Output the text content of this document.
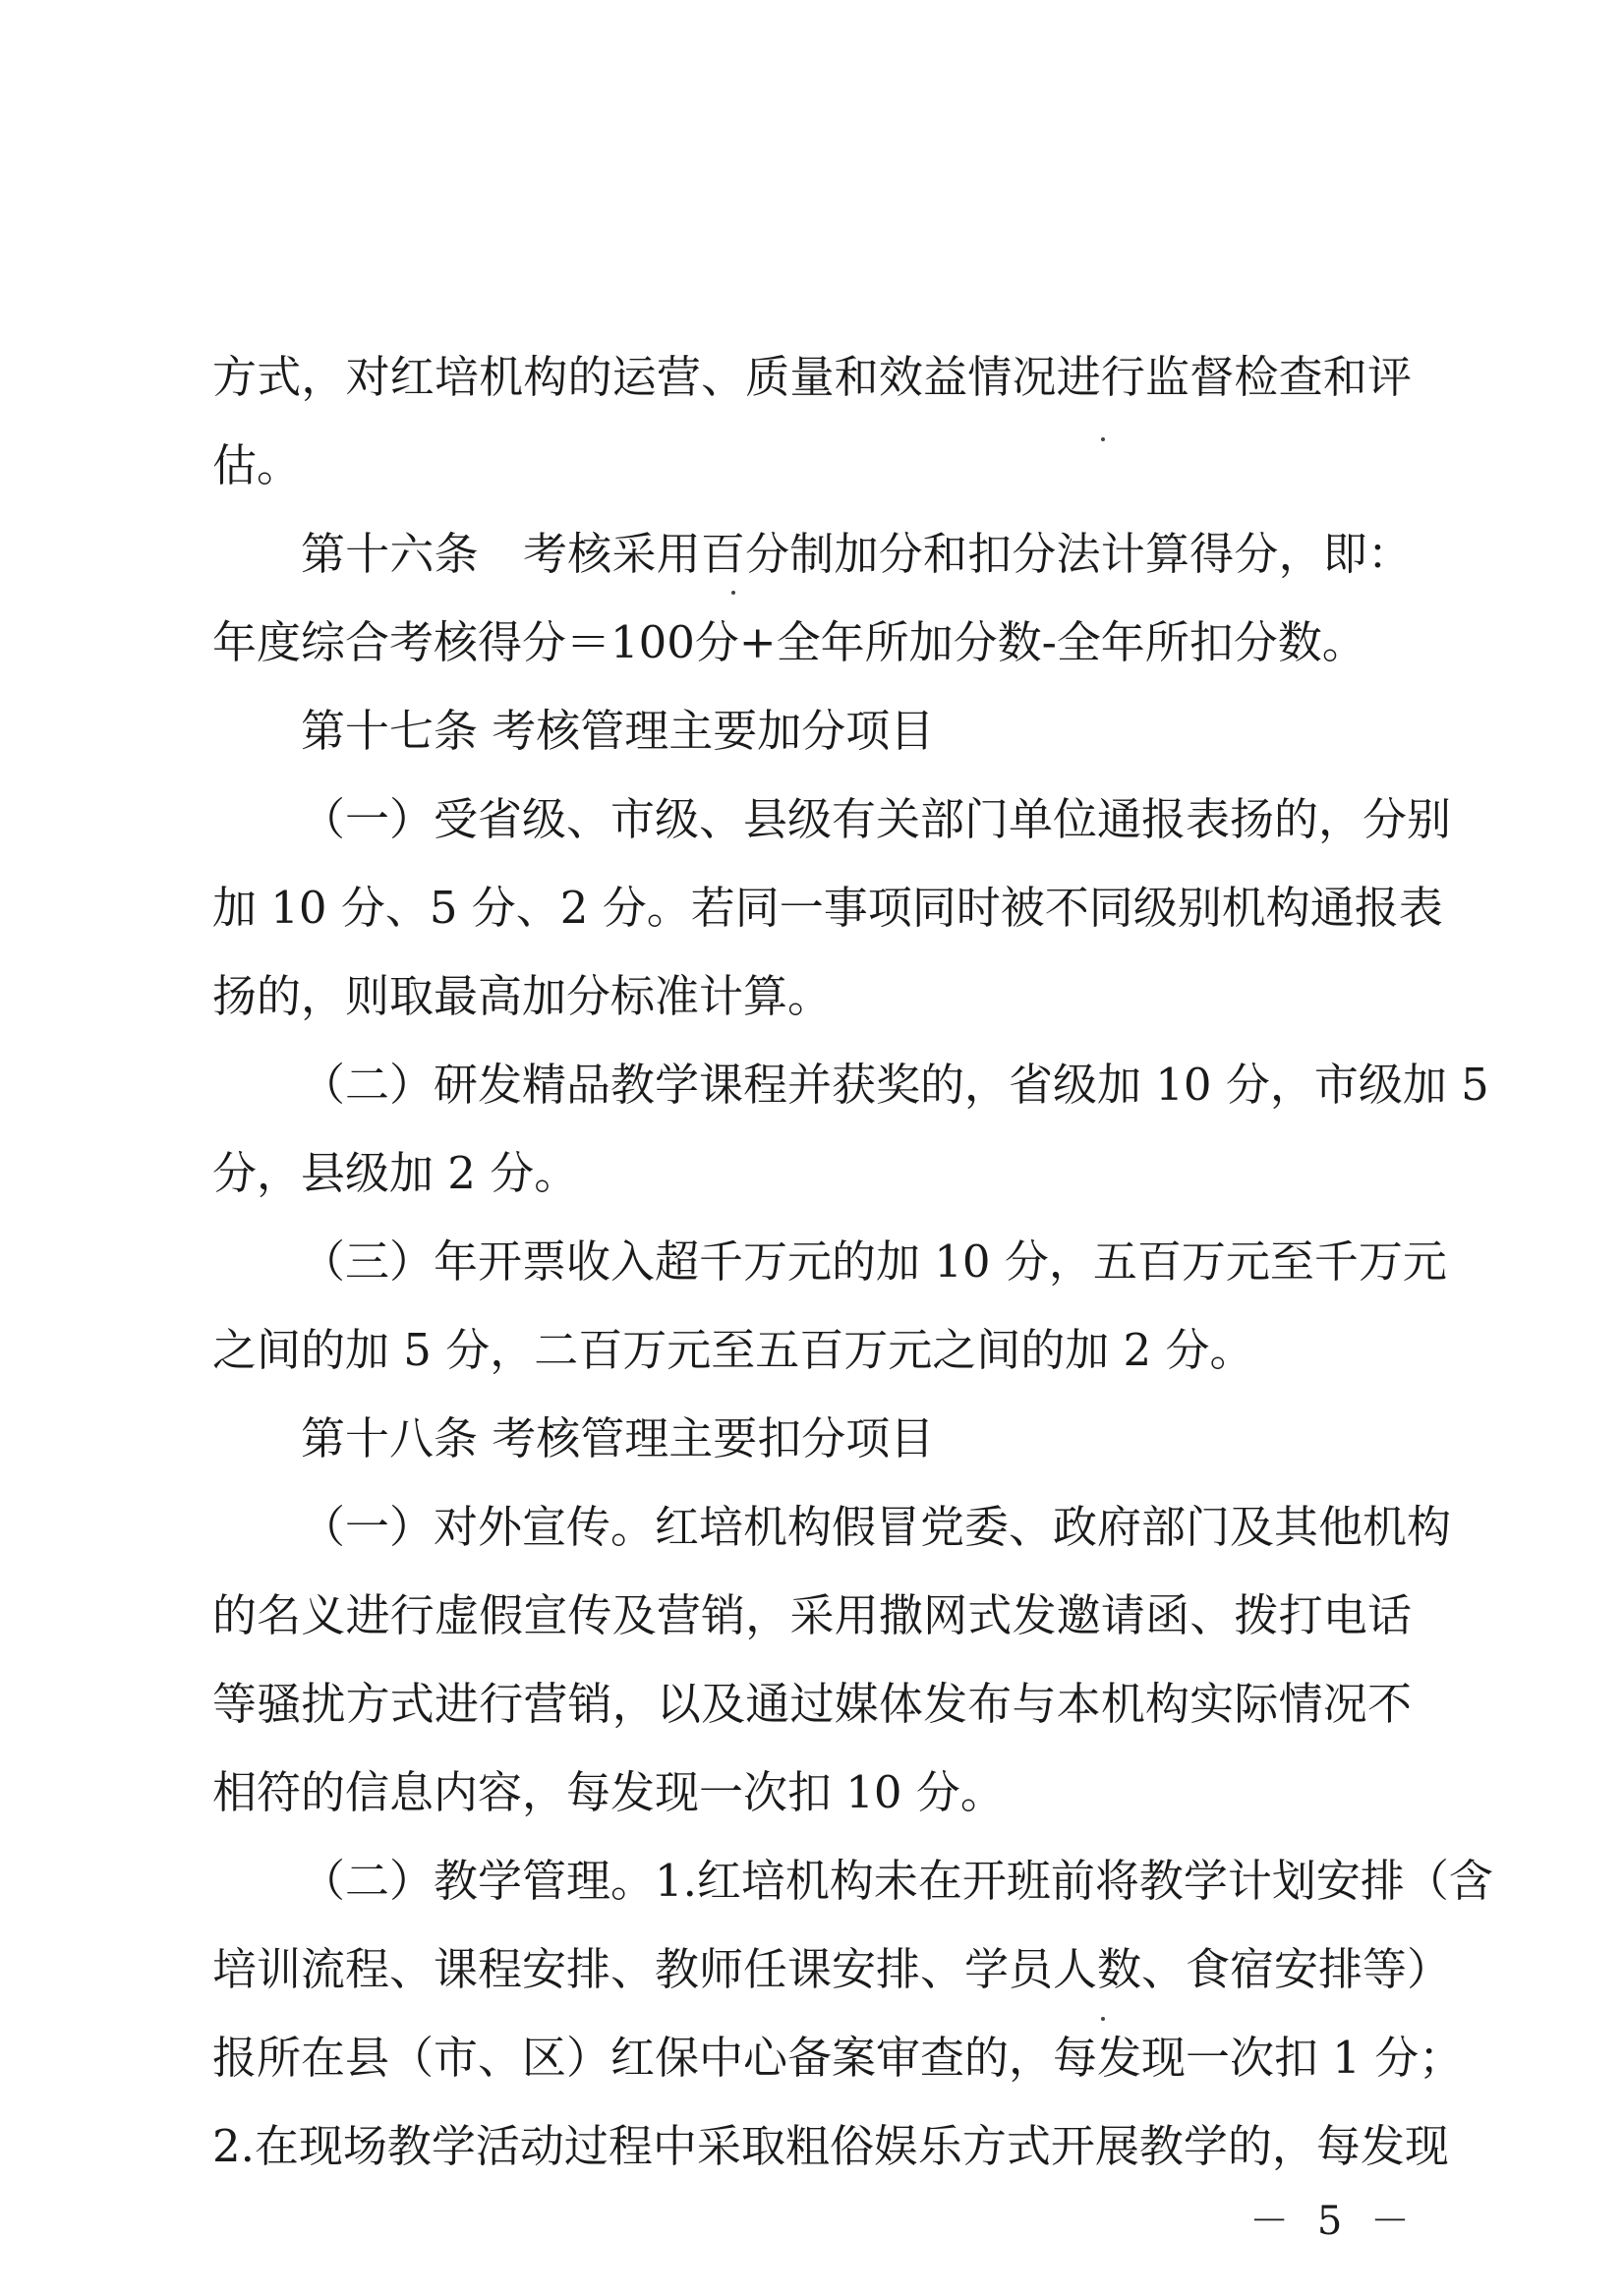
方式，对红培机构的运营、质量和效益情况进行监督检查和评
估。
第十六条　考核采用百分制加分和扣分法计算得分，即：
年度综合考核得分＝100分+全年所加分数-全年所扣分数。
第十七条 考核管理主要加分项目
（一）受省级、市级、县级有关部门单位通报表扬的，分别
加 10 分、5 分、2 分。若同一事项同时被不同级别机构通报表
扬的，则取最高加分标准计算。
（二）研发精品教学课程并获奖的，省级加 10 分，市级加 5
分，县级加 2 分。
（三）年开票收入超千万元的加 10 分，五百万元至千万元
之间的加 5 分，二百万元至五百万元之间的加 2 分。
第十八条 考核管理主要扣分项目
（一）对外宣传。红培机构假冒党委、政府部门及其他机构
的名义进行虚假宣传及营销，采用撒网式发邀请函、拨打电话
等骚扰方式进行营销，以及通过媒体发布与本机构实际情况不
相符的信息内容，每发现一次扣 10 分。
（二）教学管理。1.红培机构未在开班前将教学计划安排（含
培训流程、课程安排、教师任课安排、学员人数、食宿安排等）
报所在县（市、区）红保中心备案审查的，每发现一次扣 1 分；
2.在现场教学活动过程中采取粗俗娱乐方式开展教学的，每发现
－ 5 －
